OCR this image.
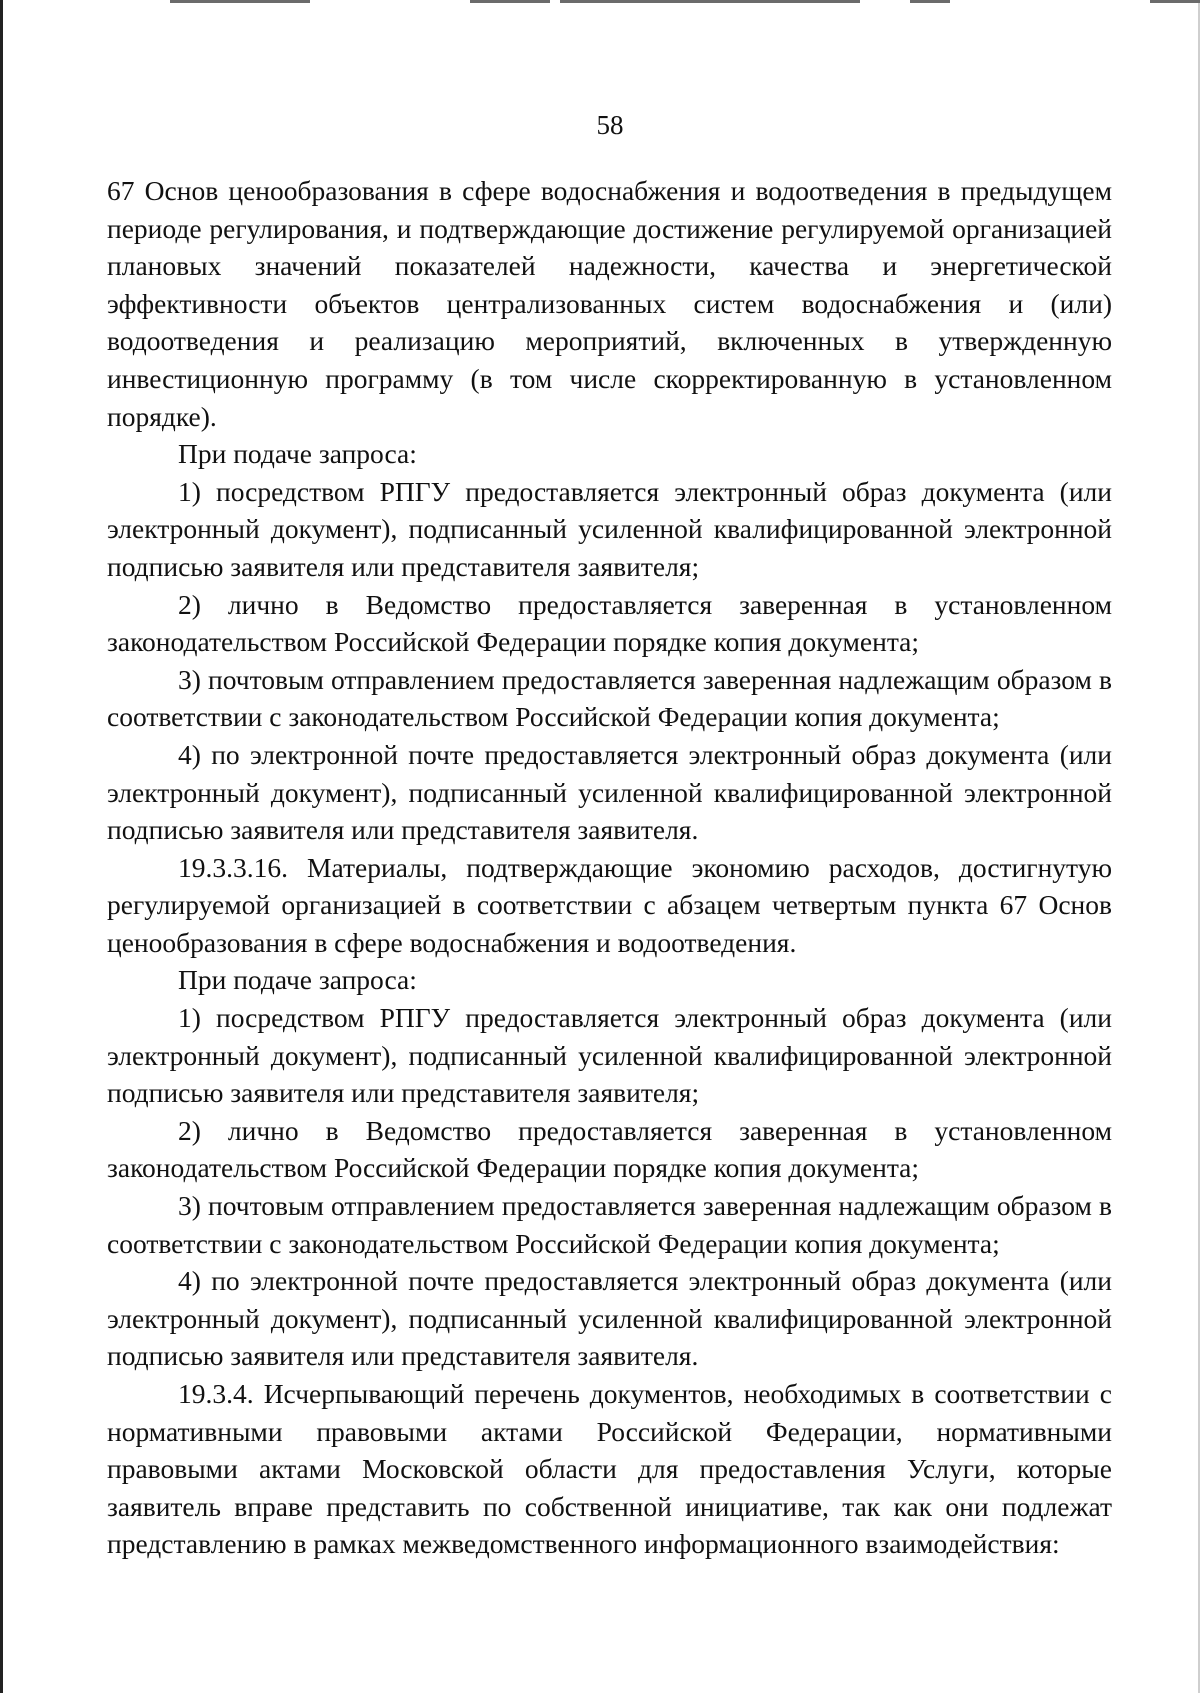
58

67 Основ ценообразования в сфере водоснабжения и водоотведения в предыдущем периоде регулирования, и подтверждающие достижение регулируемой организацией плановых значений показателей надежности, качества и энергетической эффективности объектов централизованных систем водоснабжения и (или) водоотведения и реализацию мероприятий, включенных в утвержденную инвестиционную программу (в том числе скорректированную в установленном порядке).

При подаче запроса:

1) посредством РПГУ предоставляется электронный образ документа (или электронный документ), подписанный усиленной квалифицированной электронной подписью заявителя или представителя заявителя;

2) лично в Ведомство предоставляется заверенная в установленном законодательством Российской Федерации порядке копия документа;

3) почтовым отправлением предоставляется заверенная надлежащим образом в соответствии с законодательством Российской Федерации копия документа;

4) по электронной почте предоставляется электронный образ документа (или электронный документ), подписанный усиленной квалифицированной электронной подписью заявителя или представителя заявителя.

19.3.3.16. Материалы, подтверждающие экономию расходов, достигнутую регулируемой организацией в соответствии с абзацем четвертым пункта 67 Основ ценообразования в сфере водоснабжения и водоотведения.

При подаче запроса:

1) посредством РПГУ предоставляется электронный образ документа (или электронный документ), подписанный усиленной квалифицированной электронной подписью заявителя или представителя заявителя;

2) лично в Ведомство предоставляется заверенная в установленном законодательством Российской Федерации порядке копия документа;

3) почтовым отправлением предоставляется заверенная надлежащим образом в соответствии с законодательством Российской Федерации копия документа;

4) по электронной почте предоставляется электронный образ документа (или электронный документ), подписанный усиленной квалифицированной электронной подписью заявителя или представителя заявителя.

19.3.4. Исчерпывающий перечень документов, необходимых в соответствии с нормативными правовыми актами Российской Федерации, нормативными правовыми актами Московской области для предоставления Услуги, которые заявитель вправе представить по собственной инициативе, так как они подлежат представлению в рамках межведомственного информационного взаимодействия:
